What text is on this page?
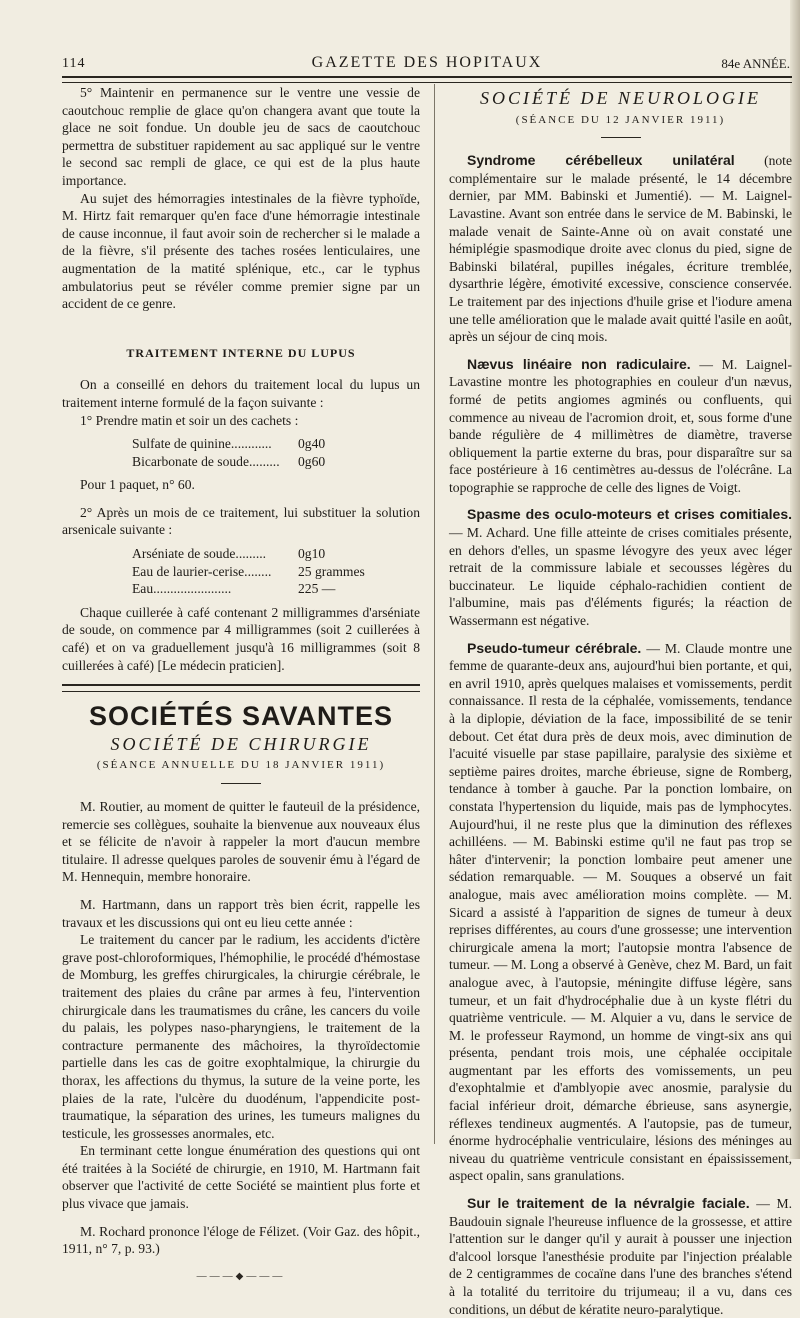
114	GAZETTE DES HOPITAUX	84e ANNÉE.

5° Maintenir en permanence sur le ventre une vessie de caoutchouc remplie de glace qu'on changera avant que toute la glace ne soit fondue. Un double jeu de sacs de caoutchouc permettra de substituer rapidement au sac appliqué sur le ventre le second sac rempli de glace, ce qui est de la plus haute importance.

Au sujet des hémorragies intestinales de la fièvre typhoïde, M. Hirtz fait remarquer qu'en face d'une hémorragie intestinale de cause inconnue, il faut avoir soin de rechercher si le malade a de la fièvre, s'il présente des taches rosées lenticulaires, une augmentation de la matité splénique, etc., car le typhus ambulatorius peut se révéler comme premier signe par un accident de ce genre.

TRAITEMENT INTERNE DU LUPUS

On a conseillé en dehors du traitement local du lupus un traitement interne formulé de la façon suivante :

1° Prendre matin et soir un des cachets :

Sulfate de quinine............ 0g40
Bicarbonate de soude......... 0g60

Pour 1 paquet, n° 60.

2° Après un mois de ce traitement, lui substituer la solution arsenicale suivante :

Arséniate de soude......... 0g10
Eau de laurier-cerise........ 25 grammes
Eau.......................	225 —

Chaque cuillerée à café contenant 2 milligrammes d'arséniate de soude, on commence par 4 milligrammes (soit 2 cuillerées à café) et on va graduellement jusqu'à 16 milligrammes (soit 8 cuillerées à café) [Le médecin praticien].

SOCIÉTÉS SAVANTES
SOCIÉTÉ DE CHIRURGIE
(SÉANCE ANNUELLE DU 18 JANVIER 1911)

M. Routier, au moment de quitter le fauteuil de la présidence, remercie ses collègues, souhaite la bienvenue aux nouveaux élus et se félicite de n'avoir à rappeler la mort d'aucun membre titulaire. Il adresse quelques paroles de souvenir ému à l'égard de M. Hennequin, membre honoraire.

M. Hartmann, dans un rapport très bien écrit, rappelle les travaux et les discussions qui ont eu lieu cette année :

Le traitement du cancer par le radium, les accidents d'ictère grave post-chloroformiques, l'hémophilie, le procédé d'hémostase de Momburg, les greffes chirurgicales, la chirurgie cérébrale, le traitement des plaies du crâne par armes à feu, l'intervention chirurgicale dans les traumatismes du crâne, les cancers du voile du palais, les polypes naso-pharyngiens, le traitement de la contracture permanente des mâchoires, la thyroïdectomie partielle dans les cas de goitre exophtalmique, la chirurgie du thorax, les affections du thymus, la suture de la veine porte, les plaies de la rate, l'ulcère du duodénum, l'appendicite post-traumatique, la séparation des urines, les tumeurs malignes du testicule, les grossesses anormales, etc.

En terminant cette longue énumération des questions qui ont été traitées à la Société de chirurgie, en 1910, M. Hartmann fait observer que l'activité de cette Société se maintient plus forte et plus vivace que jamais.

M. Rochard prononce l'éloge de Félizet. (Voir Gaz. des hôpit., 1911, n° 7, p. 93.)

———◆———
SOCIÉTÉ DE NEUROLOGIE
(SÉANCE DU 12 JANVIER 1911)

Syndrome cérébelleux unilatéral (note complémentaire sur le malade présenté, le 14 décembre dernier, par MM. Babinski et Jumentié). — M. Laignel-Lavastine. Avant son entrée dans le service de M. Babinski, le malade venait de Sainte-Anne où on avait constaté une hémiplégie spasmodique droite avec clonus du pied, signe de Babinski bilatéral, pupilles inégales, écriture tremblée, dysarthrie légère, émotivité excessive, conscience conservée. Le traitement par des injections d'huile grise et l'iodure amena une telle amélioration que le malade avait quitté l'asile en août, après un séjour de cinq mois.

Nævus linéaire non radiculaire. — M. Laignel-Lavastine montre les photographies en couleur d'un nævus, formé de petits angiomes agminés ou confluents, qui commence au niveau de l'acromion droit, et, sous forme d'une bande régulière de 4 millimètres de diamètre, traverse obliquement la partie externe du bras, pour disparaître sur sa face postérieure à 16 centimètres au-dessus de l'olécrâne. La topographie se rapproche de celle des lignes de Voigt.

Spasme des oculo-moteurs et crises comitiales. — M. Achard. Une fille atteinte de crises comitiales présente, en dehors d'elles, un spasme lévogyre des yeux avec léger retrait de la commissure labiale et secousses légères du buccinateur. Le liquide céphalo-rachidien contient de l'albumine, mais pas d'éléments figurés; la réaction de Wassermann est négative.

Pseudo-tumeur cérébrale. — M. Claude montre une femme de quarante-deux ans, aujourd'hui bien portante, et qui, en avril 1910, après quelques malaises et vomissements, perdit connaissance. Il resta de la céphalée, vomissements, tendance à la diplopie, déviation de la face, impossibilité de se tenir debout. Cet état dura près de deux mois, avec diminution de l'acuité visuelle par stase papillaire, paralysie des sixième et septième paires droites, marche ébrieuse, signe de Romberg, tendance à tomber à gauche. Par la ponction lombaire, on constata l'hypertension du liquide, mais pas de lymphocytes. Aujourd'hui, il ne reste plus que la diminution des réflexes achilléens. — M. Babinski estime qu'il ne faut pas trop se hâter d'intervenir; la ponction lombaire peut amener une sédation remarquable. — M. Souques a observé un fait analogue, mais avec amélioration moins complète. — M. Sicard a assisté à l'apparition de signes de tumeur à deux reprises différentes, au cours d'une grossesse; une intervention chirurgicale amena la mort; l'autopsie montra l'absence de tumeur. — M. Long a observé à Genève, chez M. Bard, un fait analogue avec, à l'autopsie, méningite diffuse légère, sans tumeur, et un fait d'hydrocéphalie due à un kyste flétri du quatrième ventricule. — M. Alquier a vu, dans le service de M. le professeur Raymond, un homme de vingt-six ans qui présenta, pendant trois mois, une céphalée occipitale augmentant par les efforts des vomissements, un peu d'exophtalmie et d'amblyopie avec anosmie, paralysie du facial inférieur droit, démarche ébrieuse, sans asynergie, réflexes tendineux augmentés. A l'autopsie, pas de tumeur, énorme hydrocéphalie ventriculaire, lésions des méninges au niveau du quatrième ventricule consistant en épaississement, aspect opalin, sans granulations.

Sur le traitement de la névralgie faciale. — M. Baudouin signale l'heureuse influence de la grossesse, et attire l'attention sur le danger qu'il y aurait à pousser une injection d'alcool lorsque l'anesthésie produite par l'injection préalable de 2 centigrammes de cocaïne dans l'une des branches s'étend à la totalité du territoire du trijumeau; il a vu, dans ces conditions, un début de kératite neuro-paralytique.
